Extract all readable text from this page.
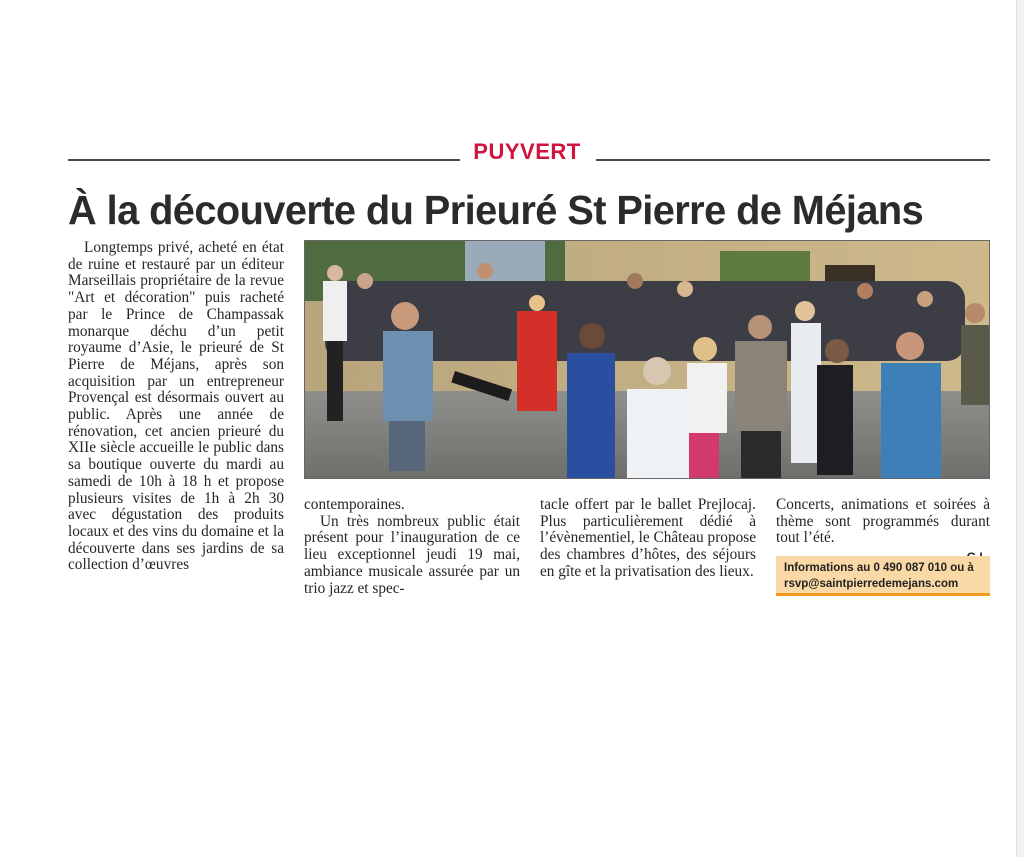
PUYVERT
À la découverte du Prieuré St Pierre de Méjans

Longtemps privé, acheté en état de ruine et restauré par un éditeur Marseillais propriétaire de la revue "Art et décoration" puis racheté par le Prince de Champassak monarque déchu d’un petit royaume d’Asie, le prieuré de St Pierre de Méjans, après son acquisition par un entrepreneur Provençal est désormais ouvert au public. Après une année de rénovation, cet ancien prieuré du XIIe siècle accueille le public dans sa boutique ouverte du mardi au samedi de 10h à 18 h et propose plusieurs visites de 1h à 2h 30 avec dégustation des produits locaux et des vins du domaine et la découverte dans ses jardins de sa collection d’œuvres

contemporaines.

Un très nombreux public était présent pour l’inauguration de ce lieu exceptionnel jeudi 19 mai, ambiance musicale assurée par un trio jazz et spec-

tacle offert par le ballet Prejlocaj. Plus particulièrement dédié à l’évènementiel, le Château propose des chambres d’hôtes, des séjours en gîte et la privatisation des lieux.

Concerts, animations et soirées à thème sont programmés durant tout l’été.

Informations au 0 490 087 010 ou à
rsvp@saintpierredemejans.com
